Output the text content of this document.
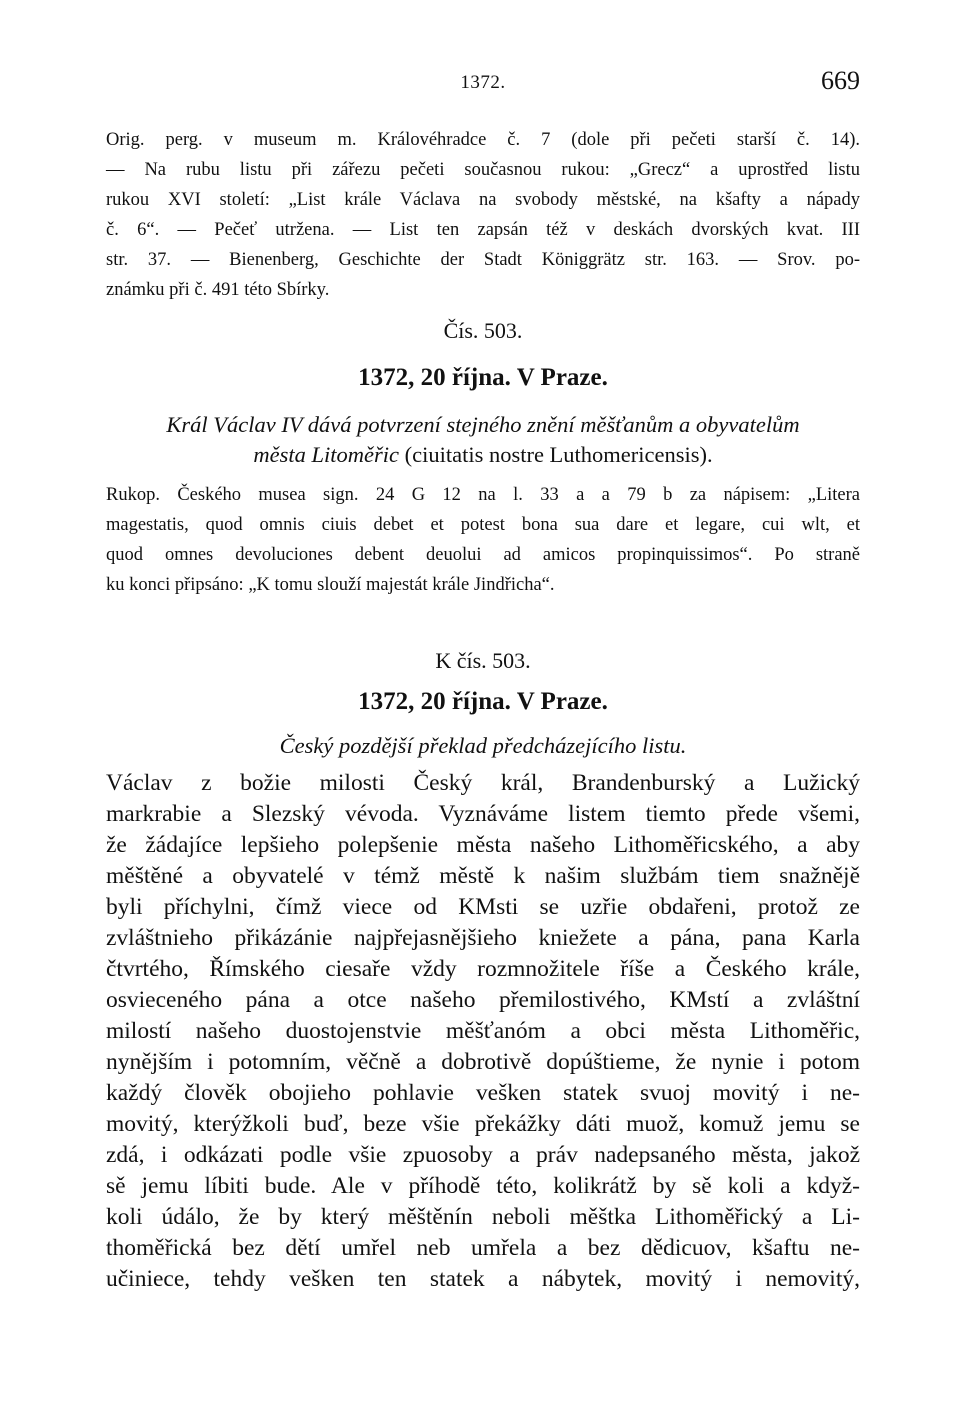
1372.	669
Orig. perg. v museum m. Královéhradce č. 7 (dole při pečeti starší č. 14).
— Na rubu listu při zářezu pečeti současnou rukou: „Grecz“ a uprostřed listu
rukou XVI století: „List krále Václava na svobody městské, na kšafty a nápady
č. 6“. — Pečeť utržena. — List ten zapsán též v deskách dvorských kvat. III
str. 37. — Bienenberg, Geschichte der Stadt Königgrätz str. 163. — Srov. po-
známku při č. 491 této Sbírky.
Čís. 503.
1372, 20 října. V Praze.
Král Václav IV dává potvrzení stejného znění měšťanům a obyvatelům
města Litoměřic (ciuitatis nostre Luthomericensis).
Rukop. Českého musea sign. 24 G 12 na l. 33 a a 79 b za nápisem: „Litera
magestatis, quod omnis ciuis debet et potest bona sua dare et legare, cui wlt, et
quod omnes devoluciones debent deuolui ad amicos propinquissimos“. Po straně
ku konci připsáno: „K tomu slouží majestát krále Jindřicha“.
K čís. 503.
1372, 20 října. V Praze.
Český pozdější překlad předcházejícího listu.
Václav z božie milosti Český král, Brandenburský a Lužický
markrabie a Slezský vévoda. Vyznáváme listem tiemto přede všemi,
že žádajíce lepšieho polepšenie města našeho Lithoměřicského, a aby
měštěné a obyvatelé v témž městě k našim službám tiem snažnějě
byli příchylni, čímž viece od KMsti se uzřie obdařeni, protož ze
zvláštnieho přikázánie najpřejasnějšieho kniežete a pána, pana Karla
čtvrtého, Římského ciesaře vždy rozmnožitele říše a Českého krále,
osvieceného pána a otce našeho přemilostivého, KMstí a zvláštní
milostí našeho duostojenstvie měšťanóm a obci města Lithoměřic,
nynějším i potomním, věčně a dobrotivě dopúštieme, že nynie i potom
každý člověk obojieho pohlavie vešken statek svuoj movitý i ne-
movitý, kterýžkoli buď, beze všie překážky dáti muož, komuž jemu se
zdá, i odkázati podle všie zpuosoby a práv nadepsaného města, jakož
sě jemu líbiti bude. Ale v příhodě této, kolikrátž by sě koli a když-
koli údálo, že by který měštěnín neboli měštka Lithoměřický a Li-
thoměřická bez dětí umřel neb umřela a bez dědicuov, kšaftu ne-
učiniece, tehdy vešken ten statek a nábytek, movitý i nemovitý,
